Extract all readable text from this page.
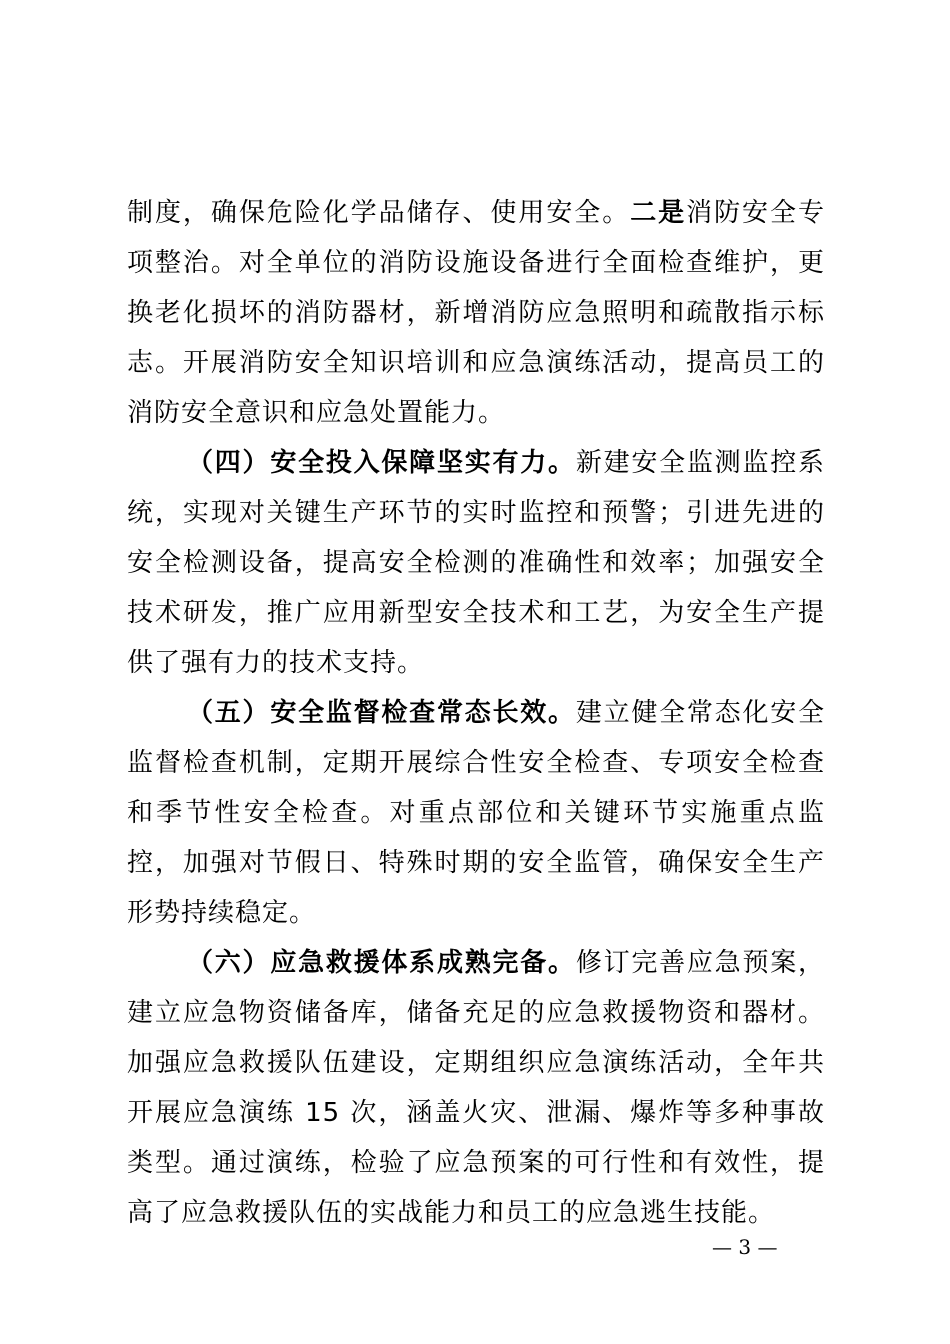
制度，确保危险化学品储存、使用安全。二是消防安全专项整治。对全单位的消防设施设备进行全面检查维护，更换老化损坏的消防器材，新增消防应急照明和疏散指示标志。开展消防安全知识培训和应急演练活动，提高员工的消防安全意识和应急处置能力。

（四）安全投入保障坚实有力。新建安全监测监控系统，实现对关键生产环节的实时监控和预警；引进先进的安全检测设备，提高安全检测的准确性和效率；加强安全技术研发，推广应用新型安全技术和工艺，为安全生产提供了强有力的技术支持。

（五）安全监督检查常态长效。建立健全常态化安全监督检查机制，定期开展综合性安全检查、专项安全检查和季节性安全检查。对重点部位和关键环节实施重点监控，加强对节假日、特殊时期的安全监管，确保安全生产形势持续稳定。

（六）应急救援体系成熟完备。修订完善应急预案，建立应急物资储备库，储备充足的应急救援物资和器材。加强应急救援队伍建设，定期组织应急演练活动，全年共开展应急演练 15 次，涵盖火灾、泄漏、爆炸等多种事故类型。通过演练，检验了应急预案的可行性和有效性，提高了应急救援队伍的实战能力和员工的应急逃生技能。

— 3 —
